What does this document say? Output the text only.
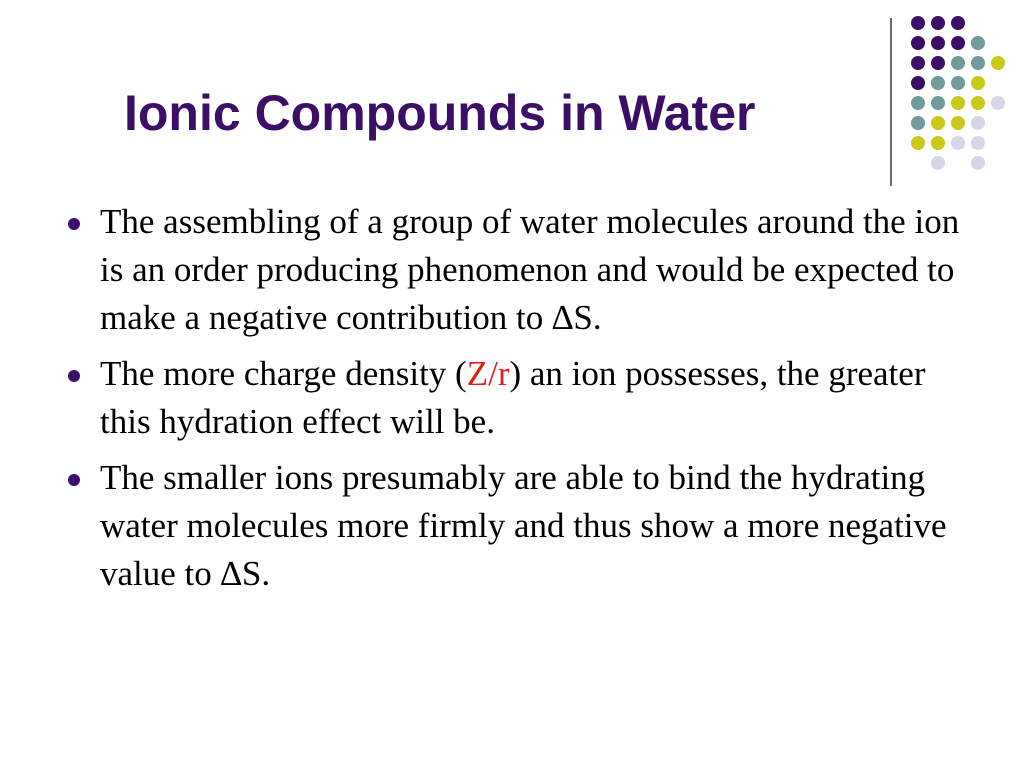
Ionic Compounds in Water
The assembling of a group of water molecules around the ion is an order producing phenomenon and would be expected to make a negative contribution to ∆S.
The more charge density (Z/r) an ion possesses, the greater this hydration effect will be.
The smaller ions presumably are able to bind the hydrating water molecules more firmly and thus show a more negative value to ∆S.
